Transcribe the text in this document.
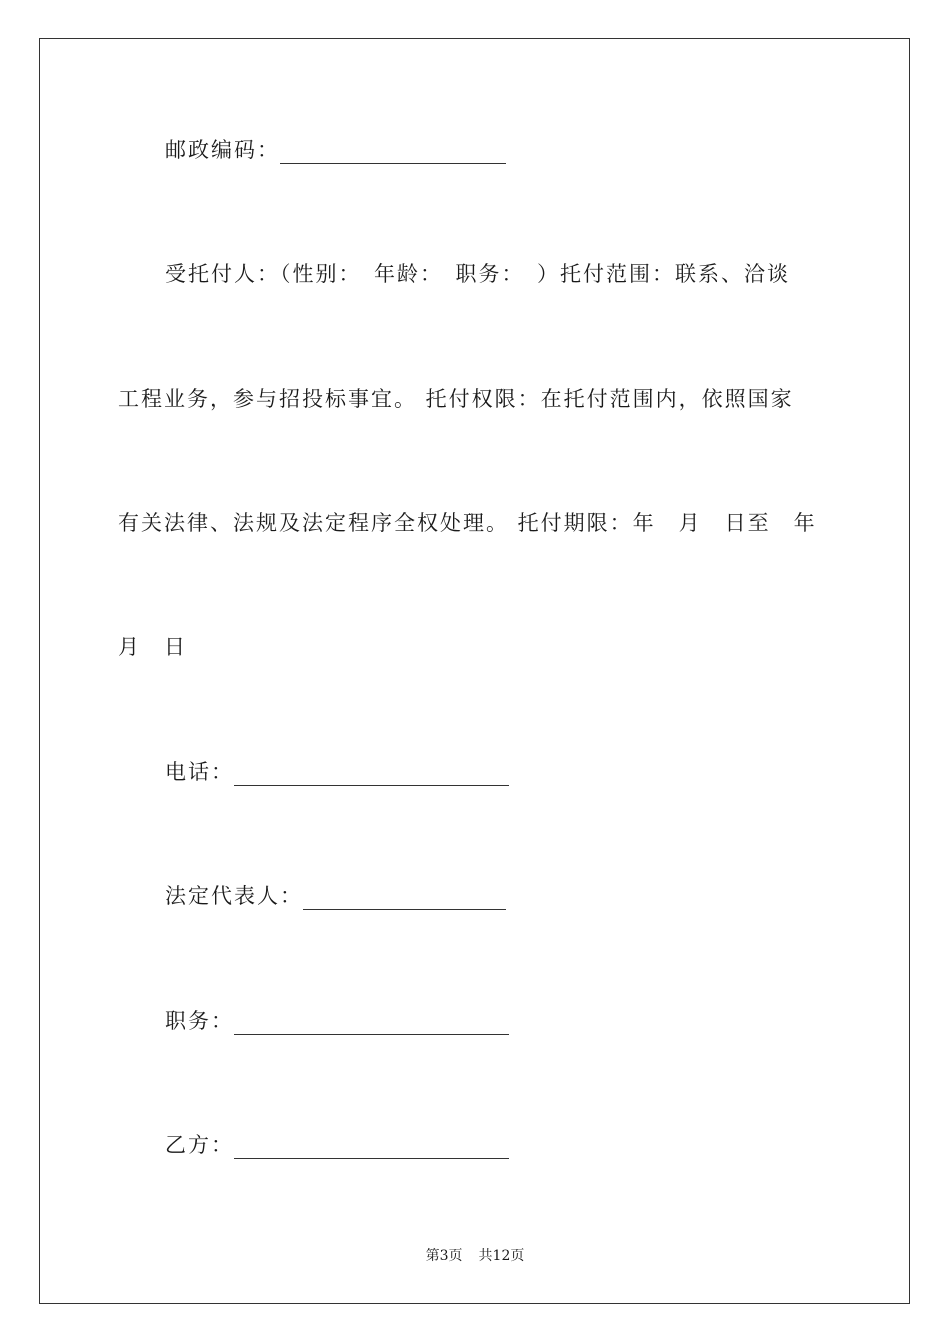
邮政编码：
受托付人：（性别：　年龄：　职务：　）托付范围：联系、洽谈
工程业务，参与招投标事宜。 托付权限：在托付范围内，依照国家
有关法律、法规及法定程序全权处理。 托付期限：年　月　日至　年
月　日
电话：
法定代表人：
职务：
乙方：
第3页 共12页
